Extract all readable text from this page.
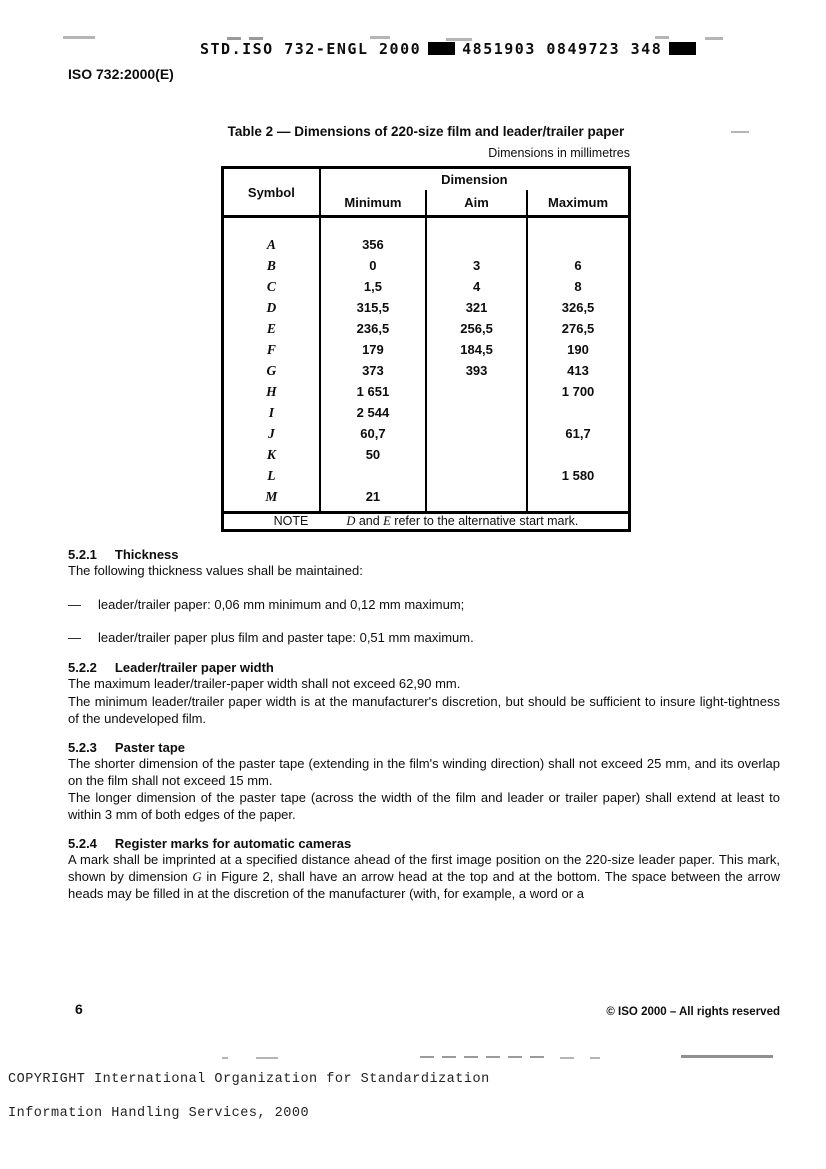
STD.ISO 732-ENGL 2000	4851903 0849723 348
ISO 732:2000(E)
Table 2 — Dimensions of 220-size film and leader/trailer paper
Dimensions in millimetres
Symbol	Dimension		
	Minimum	Aim	Maximum
A	356		
B	0	3	6
C	1,5	4	8
D	315,5	321	326,5
E	236,5	256,5	276,5
F	179	184,5	190
G	373	393	413
H	1 651		1 700
I	2 544		
J	60,7		61,7
K	50		
L			1 580
M	21		
NOTE D and E refer to the alternative start mark.			
5.2.1 Thickness

The following thickness values shall be maintained:

—	leader/trailer paper: 0,06 mm minimum and 0,12 mm maximum;
—	leader/trailer paper plus film and paster tape: 0,51 mm maximum.
5.2.2 Leader/trailer paper width

The maximum leader/trailer-paper width shall not exceed 62,90 mm.

The minimum leader/trailer paper width is at the manufacturer's discretion, but should be sufficient to insure light-tightness of the undeveloped film.

5.2.3 Paster tape

The shorter dimension of the paster tape (extending in the film's winding direction) shall not exceed 25 mm, and its overlap on the film shall not exceed 15 mm.

The longer dimension of the paster tape (across the width of the film and leader or trailer paper) shall extend at least to within 3 mm of both edges of the paper.

5.2.4 Register marks for automatic cameras

A mark shall be imprinted at a specified distance ahead of the first image position on the 220-size leader paper. This mark, shown by dimension G in Figure 2, shall have an arrow head at the top and at the bottom. The space between the arrow heads may be filled in at the discretion of the manufacturer (with, for example, a word or a

6	© ISO 2000 – All rights reserved
COPYRIGHT International Organization for Standardization
Information Handling Services, 2000
